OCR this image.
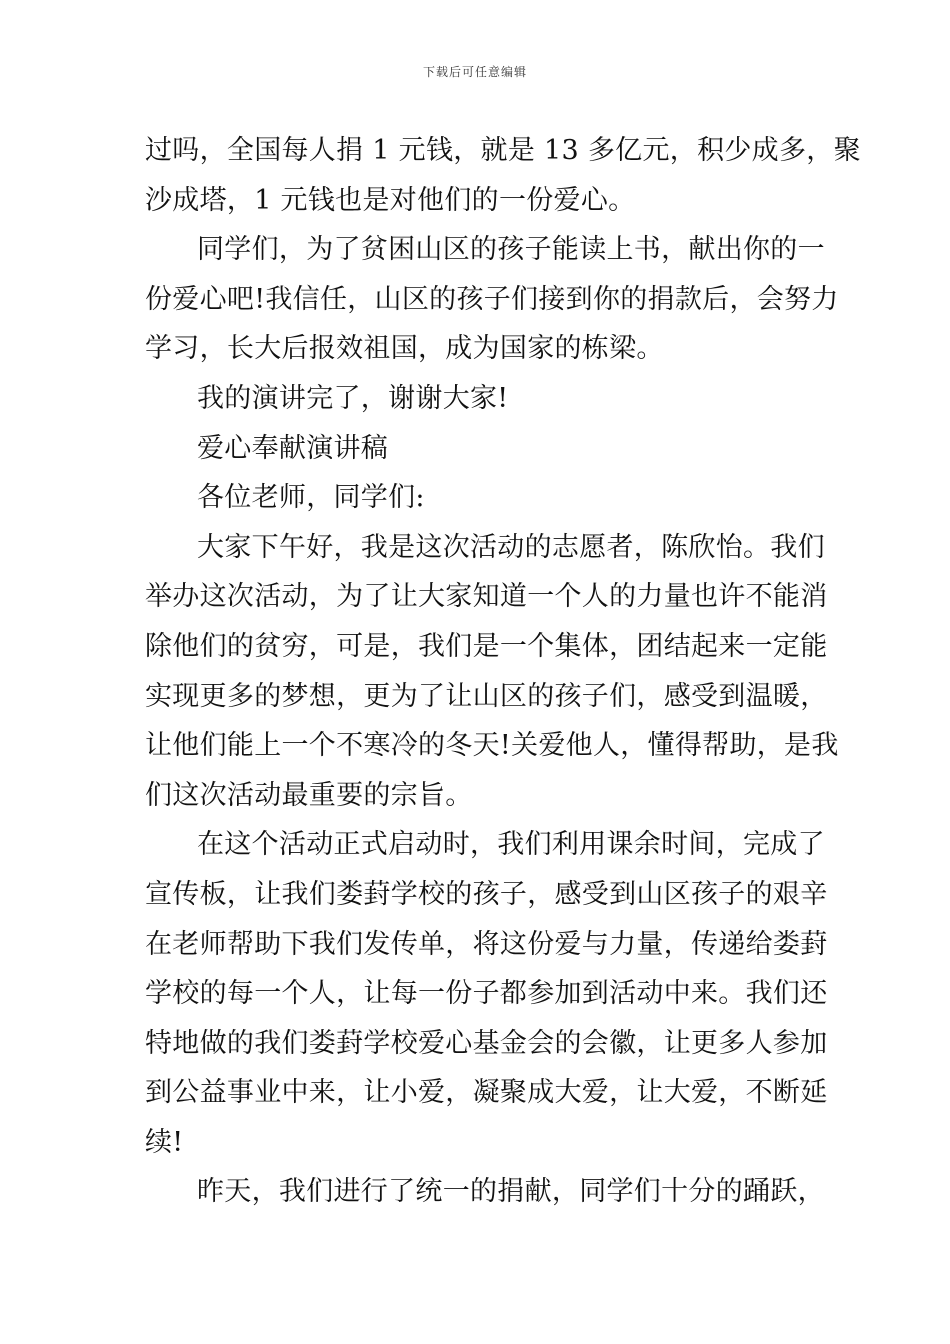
下载后可任意编辑
过吗，全国每人捐 1 元钱，就是 13 多亿元，积少成多，聚
沙成塔，1 元钱也是对他们的一份爱心。
同学们，为了贫困山区的孩子能读上书，献出你的一
份爱心吧!我信任，山区的孩子们接到你的捐款后，会努力
学习，长大后报效祖国，成为国家的栋梁。
我的演讲完了，谢谢大家!
爱心奉献演讲稿
各位老师，同学们:
大家下午好，我是这次活动的志愿者，陈欣怡。我们
举办这次活动，为了让大家知道一个人的力量也许不能消
除他们的贫穷，可是，我们是一个集体，团结起来一定能
实现更多的梦想，更为了让山区的孩子们，感受到温暖，
让他们能上一个不寒冷的冬天!关爱他人，懂得帮助，是我
们这次活动最重要的宗旨。
在这个活动正式启动时，我们利用课余时间，完成了
宣传板，让我们娄葑学校的孩子，感受到山区孩子的艰辛
在老师帮助下我们发传单，将这份爱与力量，传递给娄葑
学校的每一个人，让每一份子都参加到活动中来。我们还
特地做的我们娄葑学校爱心基金会的会徽，让更多人参加
到公益事业中来，让小爱，凝聚成大爱，让大爱，不断延
续!
昨天，我们进行了统一的捐献，同学们十分的踊跃，
